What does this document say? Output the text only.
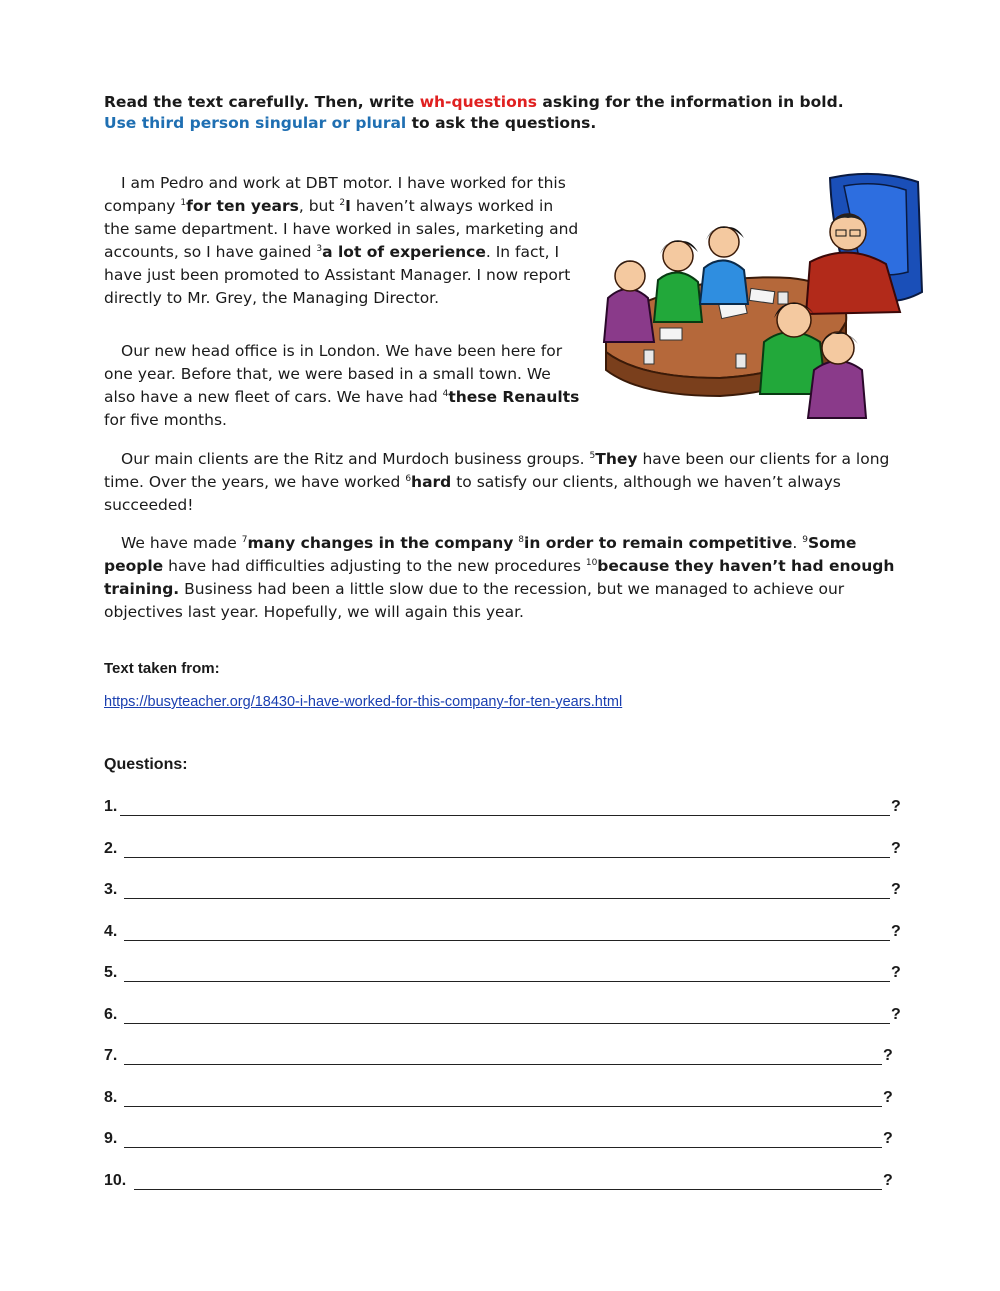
Read the text carefully. Then, write wh-questions asking for the information in bold.
Use third person singular or plural to ask the questions.

I am Pedro and work at DBT motor. I have worked for this company $^1$for ten years, but $^2$I haven’t always worked in the same department. I have worked in sales, marketing and accounts, so I have gained $^3$a lot of experience. In fact, I have just been promoted to Assistant Manager. I now report directly to Mr. Grey, the Managing Director.

Our new head office is in London. We have been here for one year. Before that, we were based in a small town. We also have a new fleet of cars. We have had $^4$these Renaults for five months.

Our main clients are the Ritz and Murdoch business groups. $^5$They have been our clients for a long time. Over the years, we have worked $^6$hard to satisfy our clients, although we haven’t always succeeded!

We have made $^7$many changes in the company $^8$in order to remain competitive. $^9$Some people have had difficulties adjusting to the new procedures $^{10}$because they haven’t had enough training. Business had been a little slow due to the recession, but we managed to achieve our objectives last year. Hopefully, we will again this year.

Text taken from:
https://busyteacher.org/18430-i-have-worked-for-this-company-for-ten-years.html
Questions:
1.	?
2.	?
3.	?
4.	?
5.	?
6.	?
7.	?
8.	?
9.	?
10.	?
